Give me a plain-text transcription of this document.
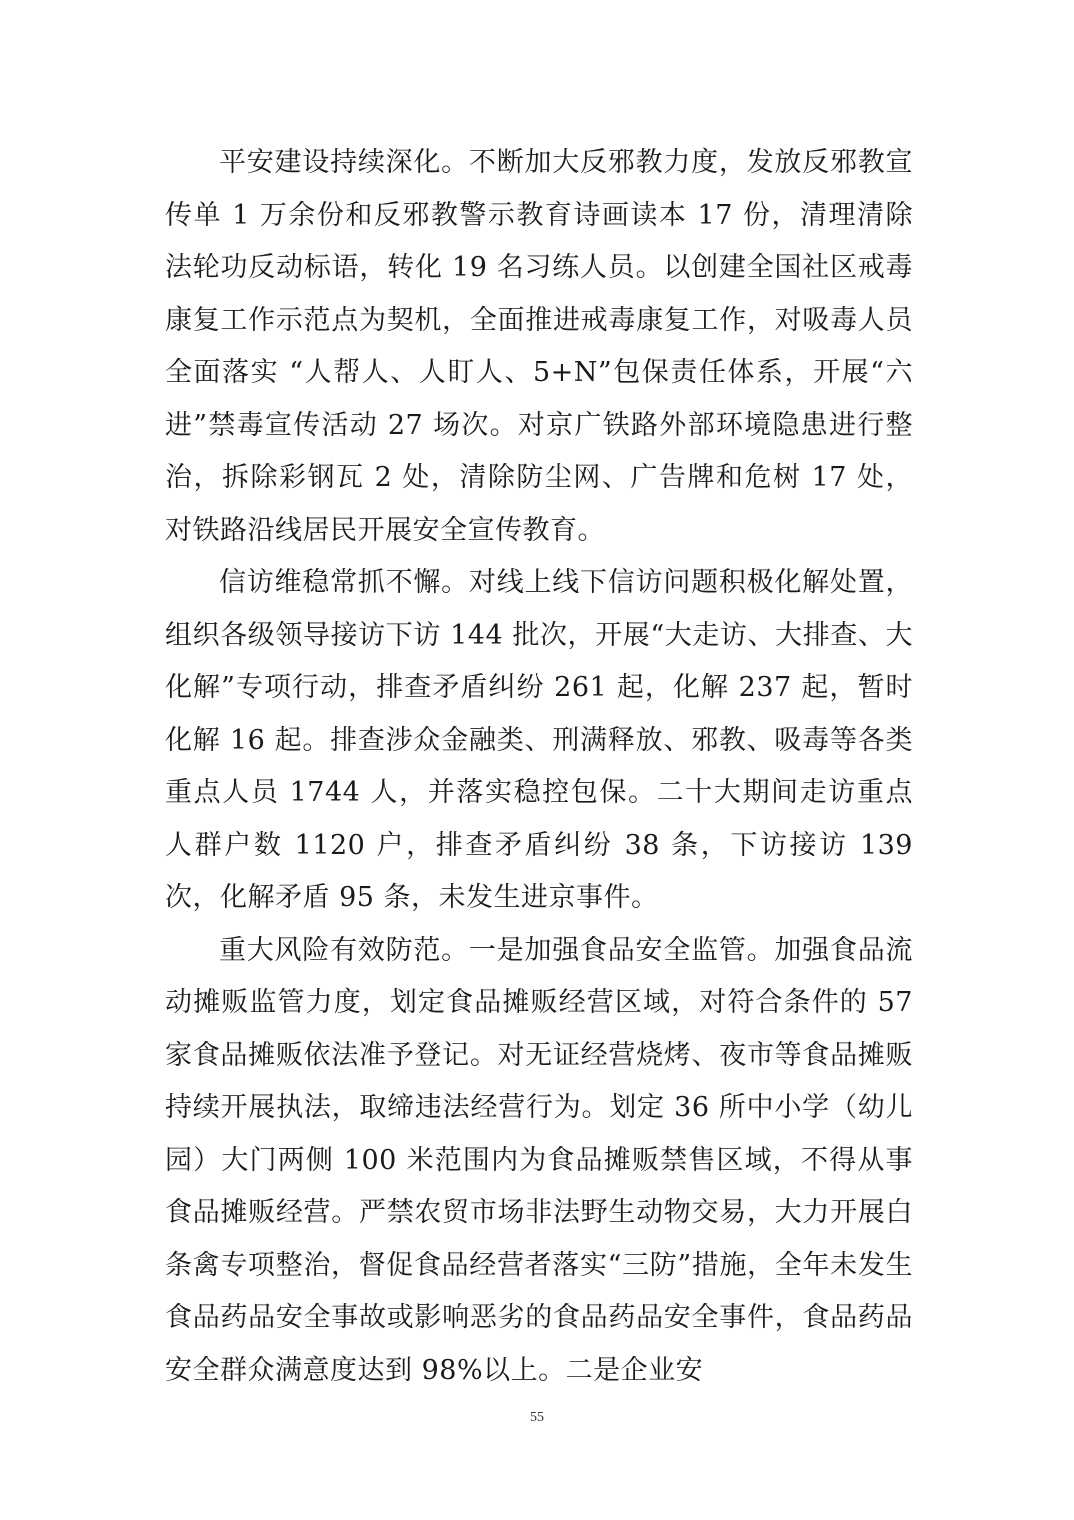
平安建设持续深化。不断加大反邪教力度，发放反邪教宣传单 1 万余份和反邪教警示教育诗画读本 17 份，清理清除法轮功反动标语，转化 19 名习练人员。以创建全国社区戒毒康复工作示范点为契机，全面推进戒毒康复工作，对吸毒人员全面落实 “人帮人、人盯人、5+N”包保责任体系，开展“六进”禁毒宣传活动 27 场次。对京广铁路外部环境隐患进行整治，拆除彩钢瓦 2 处，清除防尘网、广告牌和危树 17 处，对铁路沿线居民开展安全宣传教育。

信访维稳常抓不懈。对线上线下信访问题积极化解处置，组织各级领导接访下访 144 批次，开展“大走访、大排查、大化解”专项行动，排查矛盾纠纷 261 起，化解 237 起，暂时化解 16 起。排查涉众金融类、刑满释放、邪教、吸毒等各类重点人员 1744 人，并落实稳控包保。二十大期间走访重点人群户数 1120 户，排查矛盾纠纷 38 条，下访接访 139 次，化解矛盾 95 条，未发生进京事件。

重大风险有效防范。一是加强食品安全监管。加强食品流动摊贩监管力度，划定食品摊贩经营区域，对符合条件的 57 家食品摊贩依法准予登记。对无证经营烧烤、夜市等食品摊贩持续开展执法，取缔违法经营行为。划定 36 所中小学（幼儿园）大门两侧 100 米范围内为食品摊贩禁售区域，不得从事食品摊贩经营。严禁农贸市场非法野生动物交易，大力开展白条禽专项整治，督促食品经营者落实“三防”措施，全年未发生食品药品安全事故或影响恶劣的食品药品安全事件，食品药品安全群众满意度达到 98%以上。二是企业安

55
